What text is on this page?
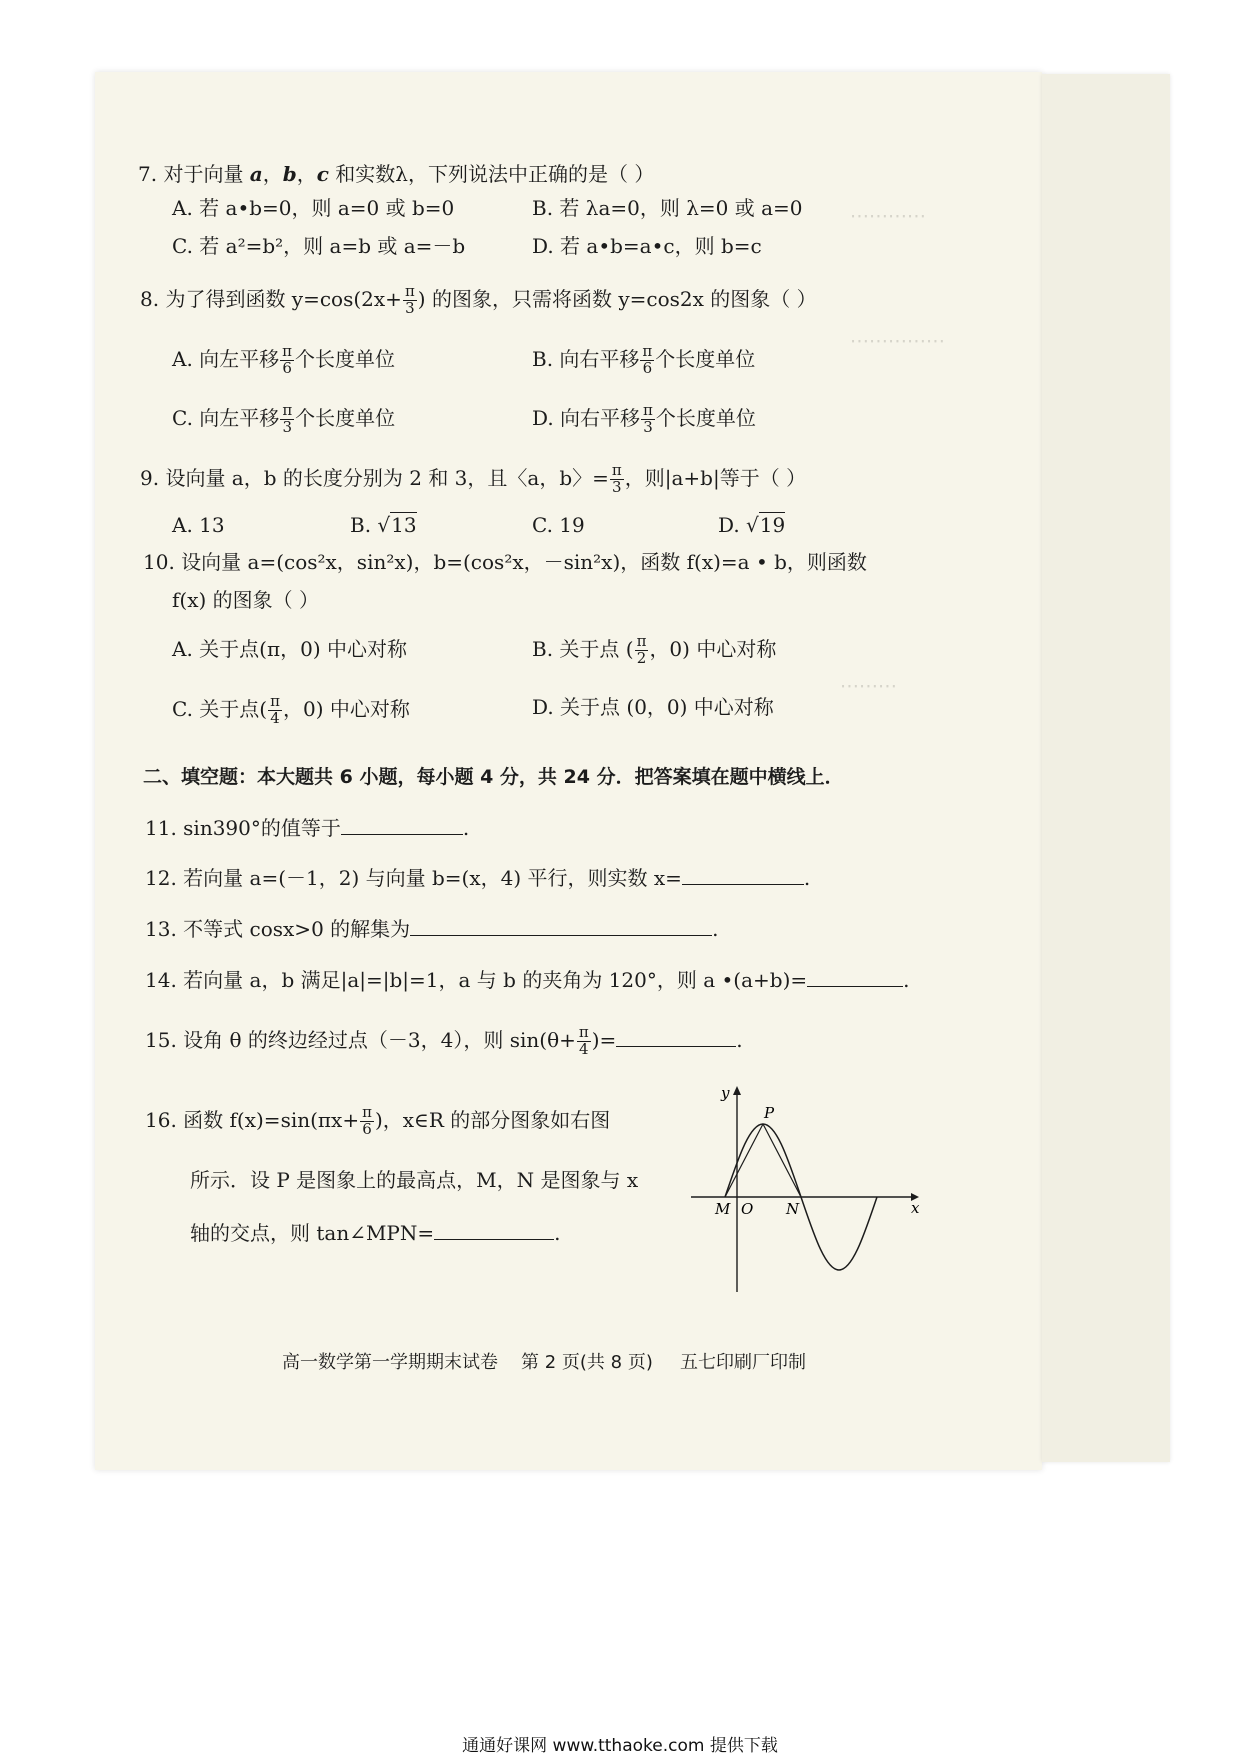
⋯⋯⋯⋯
⋯⋯⋯⋯⋯
⋯⋯⋯
7. 对于向量 a，b，c 和实数λ，下列说法中正确的是（ ）
A. 若 a•b=0，则 a=0 或 b=0	B. 若 λa=0，则 λ=0 或 a=0
C. 若 a²=b²，则 a=b 或 a=－b	D. 若 a•b=a•c，则 b=c
8. 为了得到函数 $y=\cos(2x+ \frac{\pi}{3}$ ) 的图象，只需将函数 y=cos2x 的图象（ ）
A. 向左平移 $\frac{\pi}{6}$ 个长度单位	B. 向右平移 $\frac{\pi}{6}$ 个长度单位
C. 向左平移 $\frac{\pi}{3}$ 个长度单位	D. 向右平移 $\frac{\pi}{3}$ 个长度单位
9. 设向量 a，b 的长度分别为 2 和 3，且〈a，b〉= $\frac{\pi}{3}$ ，则|a+b|等于（ ）
A. 13	B. √13	C. 19	D. √19
10. 设向量 a=(cos²x，sin²x)，b=(cos²x，－sin²x)，函数 f(x)=a • b，则函数
f(x) 的图象（ ）
A. 关于点(π，0) 中心对称	B. 关于点 ( $\frac{\pi}{2}$ ，0) 中心对称
C. 关于点( $\frac{\pi}{4}$ ，0) 中心对称	D. 关于点 (0，0) 中心对称
二、填空题：本大题共 6 小题，每小题 4 分，共 24 分．把答案填在题中横线上．
11. sin390°的值等于	.
12. 若向量 a=(－1，2) 与向量 b=(x，4) 平行，则实数 x=	.
13. 不等式 cosx>0 的解集为	.
14. 若向量 a，b 满足|a|=|b|=1，a 与 b 的夹角为 120°，则 a •(a+b)=	.
15. 设角 θ 的终边经过点（－3，4），则 $\sin(\theta+ \frac{\pi}{4}$ )=	.
16. 函数 $f(x)=\sin(\pi x+ \frac{\pi}{6}$ )，x∈R 的部分图象如右图
所示．设 P 是图象上的最高点，M，N 是图象与 x
轴的交点，则 tan∠MPN=	.
y
x
P
M O N
高一数学第一学期期末试卷 第 2 页(共 8 页) 五七印刷厂印制
通通好课网 www.tthaoke.com 提供下载
